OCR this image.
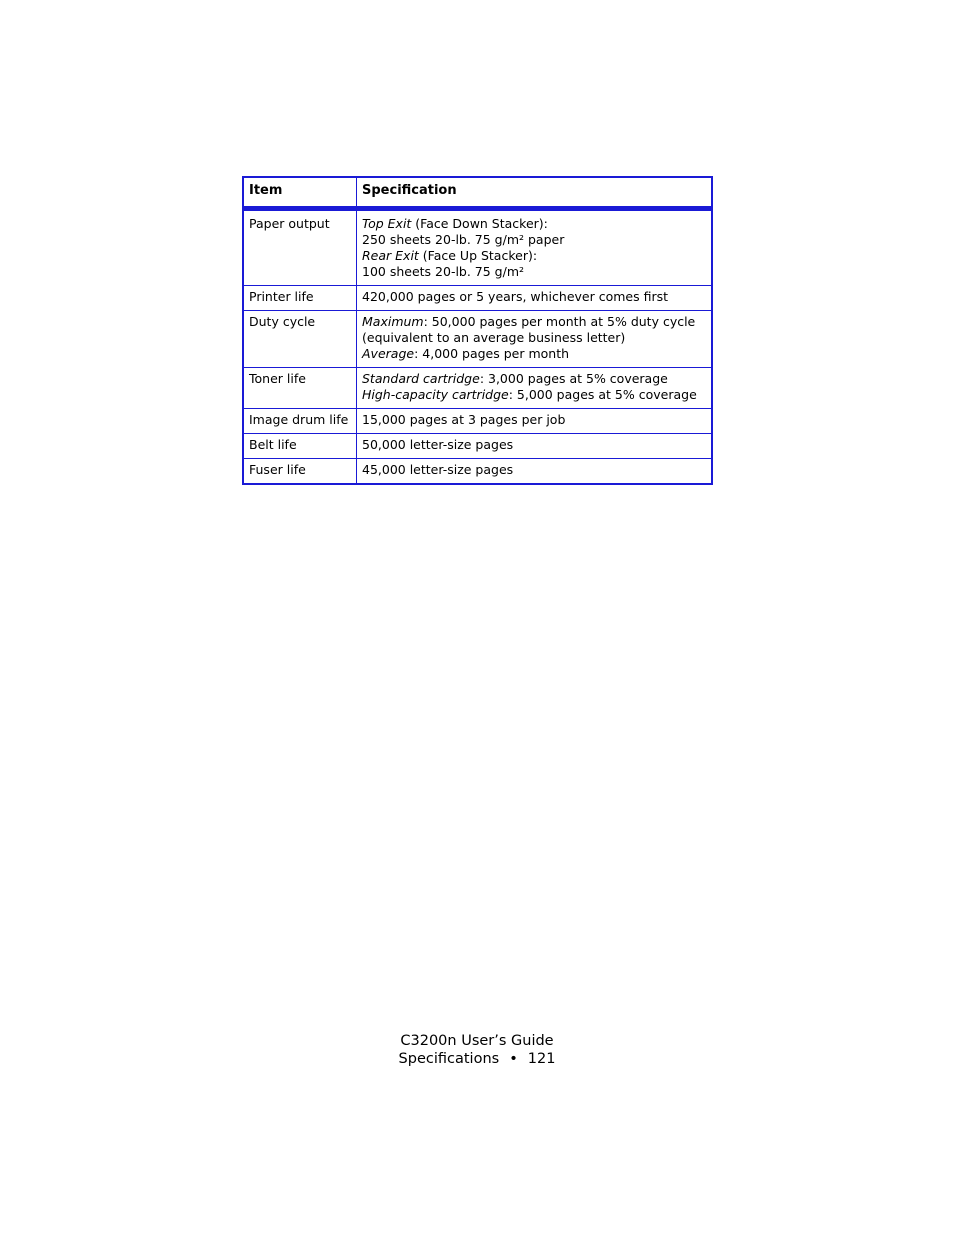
Item	Specification
Paper output	Top Exit (Face Down Stacker):
250 sheets 20-lb. 75 g/m² paper
Rear Exit (Face Up Stacker):
100 sheets 20-lb. 75 g/m²

Printer life	420,000 pages or 5 years, whichever comes first

Duty cycle	Maximum: 50,000 pages per month at 5% duty cycle
(equivalent to an average business letter)
Average: 4,000 pages per month

Toner life	Standard cartridge: 3,000 pages at 5% coverage
High-capacity cartridge: 5,000 pages at 5% coverage

Image drum life	15,000 pages at 3 pages per job

Belt life	50,000 letter-size pages

Fuser life	45,000 letter-size pages
C3200n User’s Guide
Specifications • 121
